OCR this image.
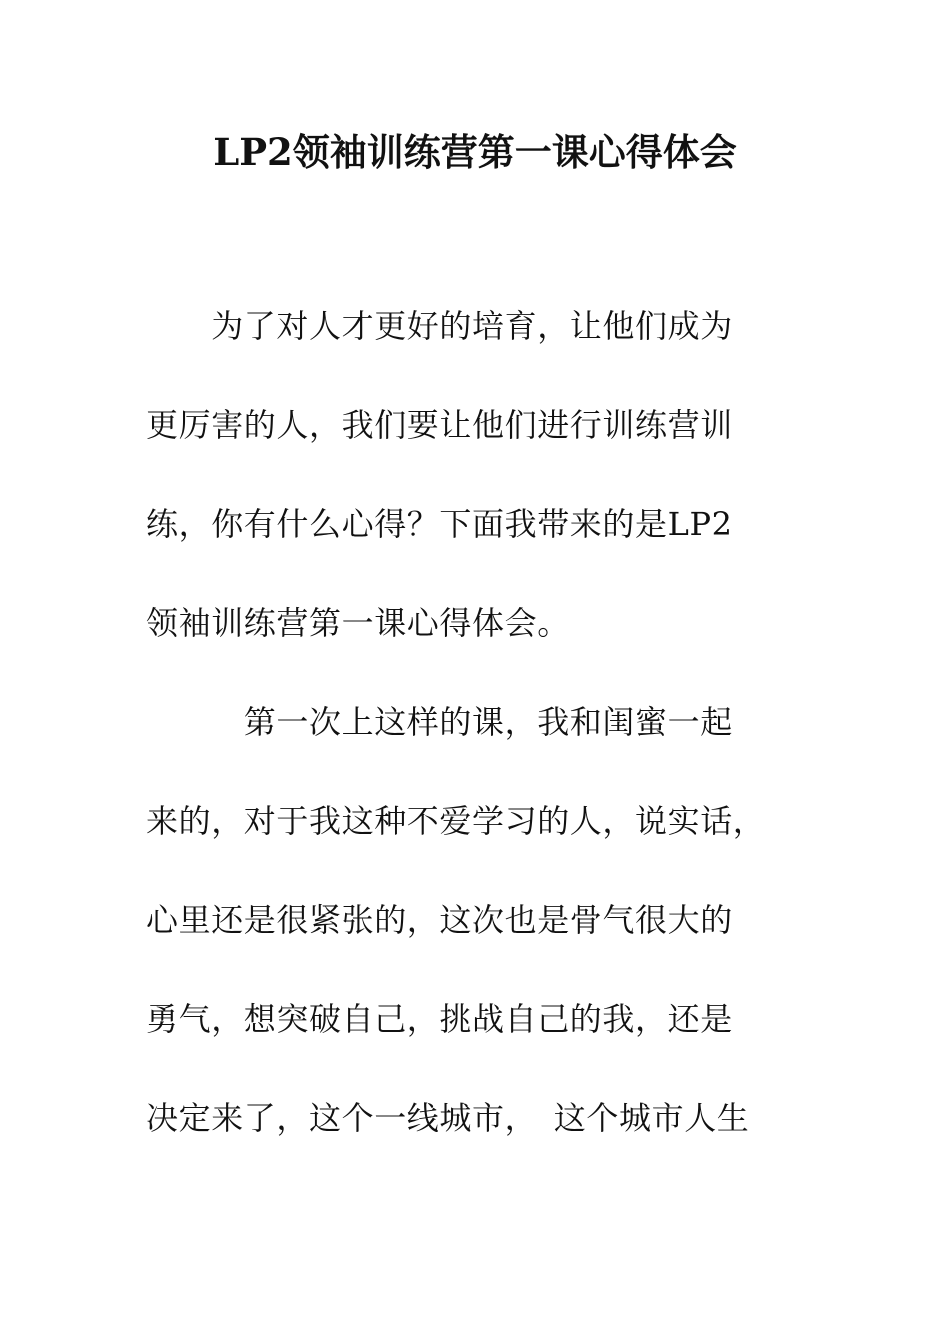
LP2领袖训练营第一课心得体会
　　为了对人才更好的培育，让他们成为
更厉害的人，我们要让他们进行训练营训
练，你有什么心得？下面我带来的是LP2
领袖训练营第一课心得体会。
　　　第一次上这样的课，我和闺蜜一起
来的，对于我这种不爱学习的人，说实话，
心里还是很紧张的，这次也是骨气很大的
勇气，想突破自己，挑战自己的我，还是
决定来了，这个一线城市，　这个城市人生
